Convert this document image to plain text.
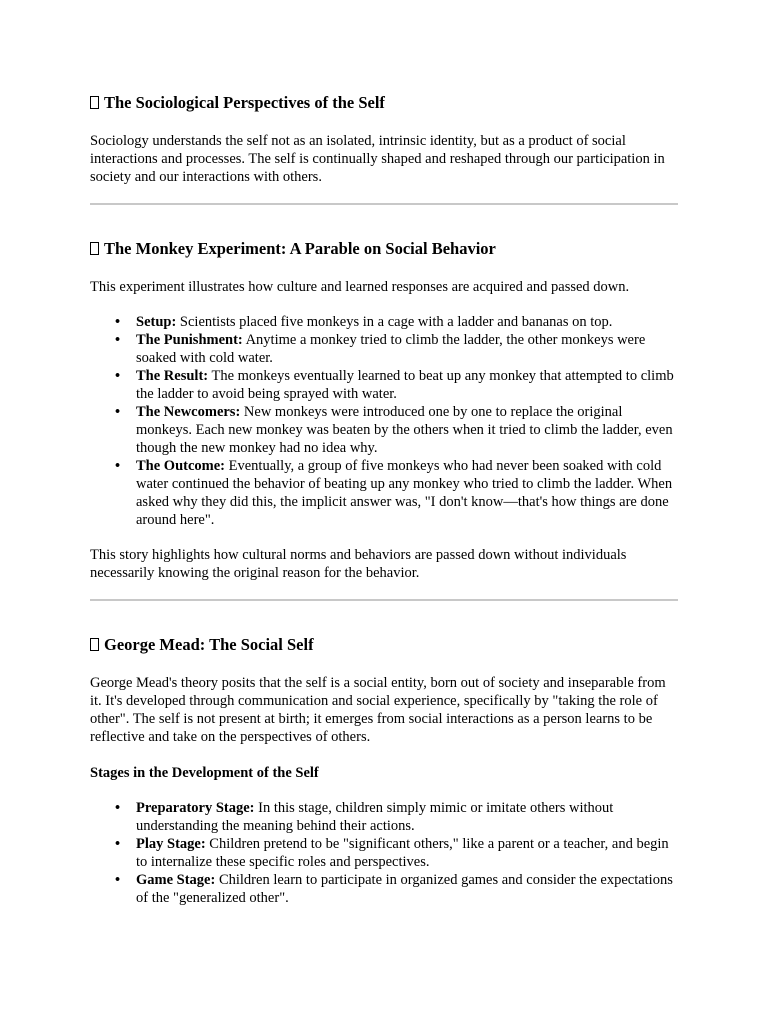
The Sociological Perspectives of the Self

Sociology understands the self not as an isolated, intrinsic identity, but as a product of social interactions and processes. The self is continually shaped and reshaped through our participation in society and our interactions with others.

The Monkey Experiment: A Parable on Social Behavior

This experiment illustrates how culture and learned responses are acquired and passed down.

• Setup: Scientists placed five monkeys in a cage with a ladder and bananas on top.
• The Punishment: Anytime a monkey tried to climb the ladder, the other monkeys were soaked with cold water.
• The Result: The monkeys eventually learned to beat up any monkey that attempted to climb the ladder to avoid being sprayed with water.
• The Newcomers: New monkeys were introduced one by one to replace the original monkeys. Each new monkey was beaten by the others when it tried to climb the ladder, even though the new monkey had no idea why.
• The Outcome: Eventually, a group of five monkeys who had never been soaked with cold water continued the behavior of beating up any monkey who tried to climb the ladder. When asked why they did this, the implicit answer was, "I don't know—that's how things are done around here".

This story highlights how cultural norms and behaviors are passed down without individuals necessarily knowing the original reason for the behavior.

George Mead: The Social Self

George Mead's theory posits that the self is a social entity, born out of society and inseparable from it. It's developed through communication and social experience, specifically by "taking the role of other". The self is not present at birth; it emerges from social interactions as a person learns to be reflective and take on the perspectives of others.

Stages in the Development of the Self
• Preparatory Stage: In this stage, children simply mimic or imitate others without understanding the meaning behind their actions.
• Play Stage: Children pretend to be "significant others," like a parent or a teacher, and begin to internalize these specific roles and perspectives.
• Game Stage: Children learn to participate in organized games and consider the expectations of the "generalized other".
